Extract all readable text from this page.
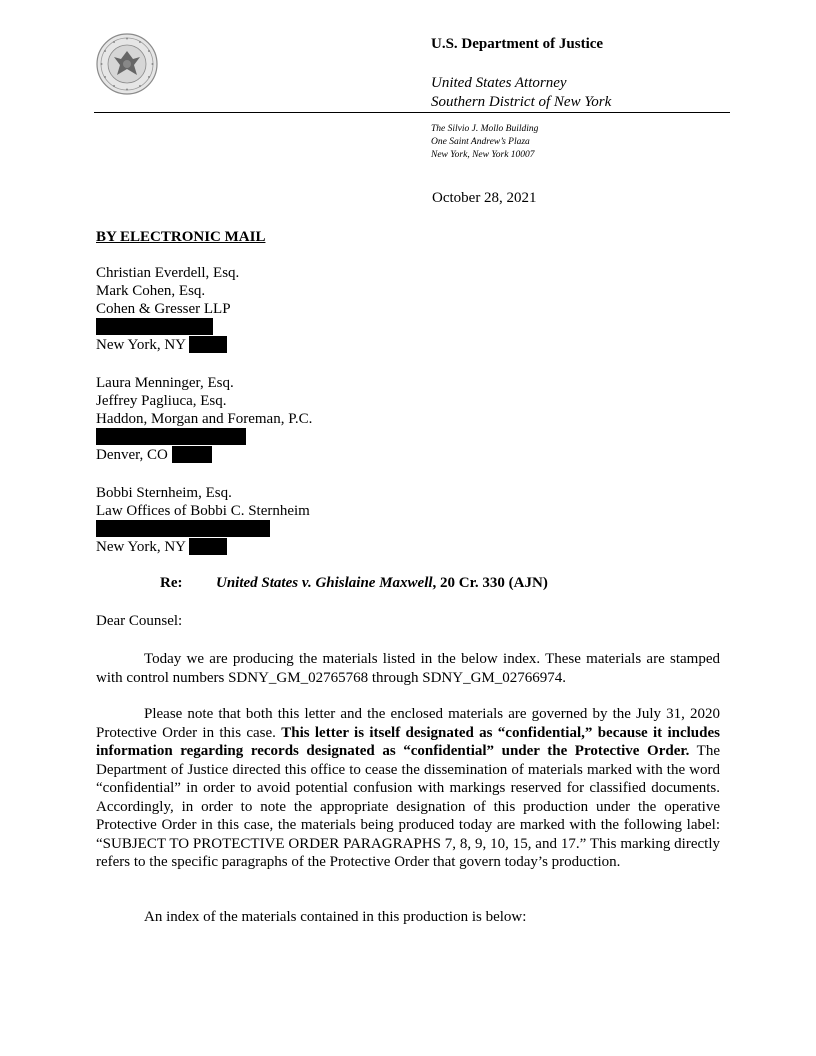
U.S. Department of Justice
United States Attorney
Southern District of New York
The Silvio J. Mollo Building
One Saint Andrew’s Plaza
New York, New York 10007
October 28, 2021
BY ELECTRONIC MAIL
Christian Everdell, Esq.
Mark Cohen, Esq.
Cohen & Gresser LLP
New York, NY
Laura Menninger, Esq.
Jeffrey Pagliuca, Esq.
Haddon, Morgan and Foreman, P.C.
Denver, CO
Bobbi Sternheim, Esq.
Law Offices of Bobbi C. Sternheim
New York, NY
Re: United States v. Ghislaine Maxwell, 20 Cr. 330 (AJN)
Dear Counsel:
Today we are producing the materials listed in the below index. These materials are stamped with control numbers SDNY_GM_02765768 through SDNY_GM_02766974.
Please note that both this letter and the enclosed materials are governed by the July 31, 2020 Protective Order in this case. This letter is itself designated as “confidential,” because it includes information regarding records designated as “confidential” under the Protective Order. The Department of Justice directed this office to cease the dissemination of materials marked with the word “confidential” in order to avoid potential confusion with markings reserved for classified documents. Accordingly, in order to note the appropriate designation of this production under the operative Protective Order in this case, the materials being produced today are marked with the following label: “SUBJECT TO PROTECTIVE ORDER PARAGRAPHS 7, 8, 9, 10, 15, and 17.” This marking directly refers to the specific paragraphs of the Protective Order that govern today’s production.
An index of the materials contained in this production is below:
